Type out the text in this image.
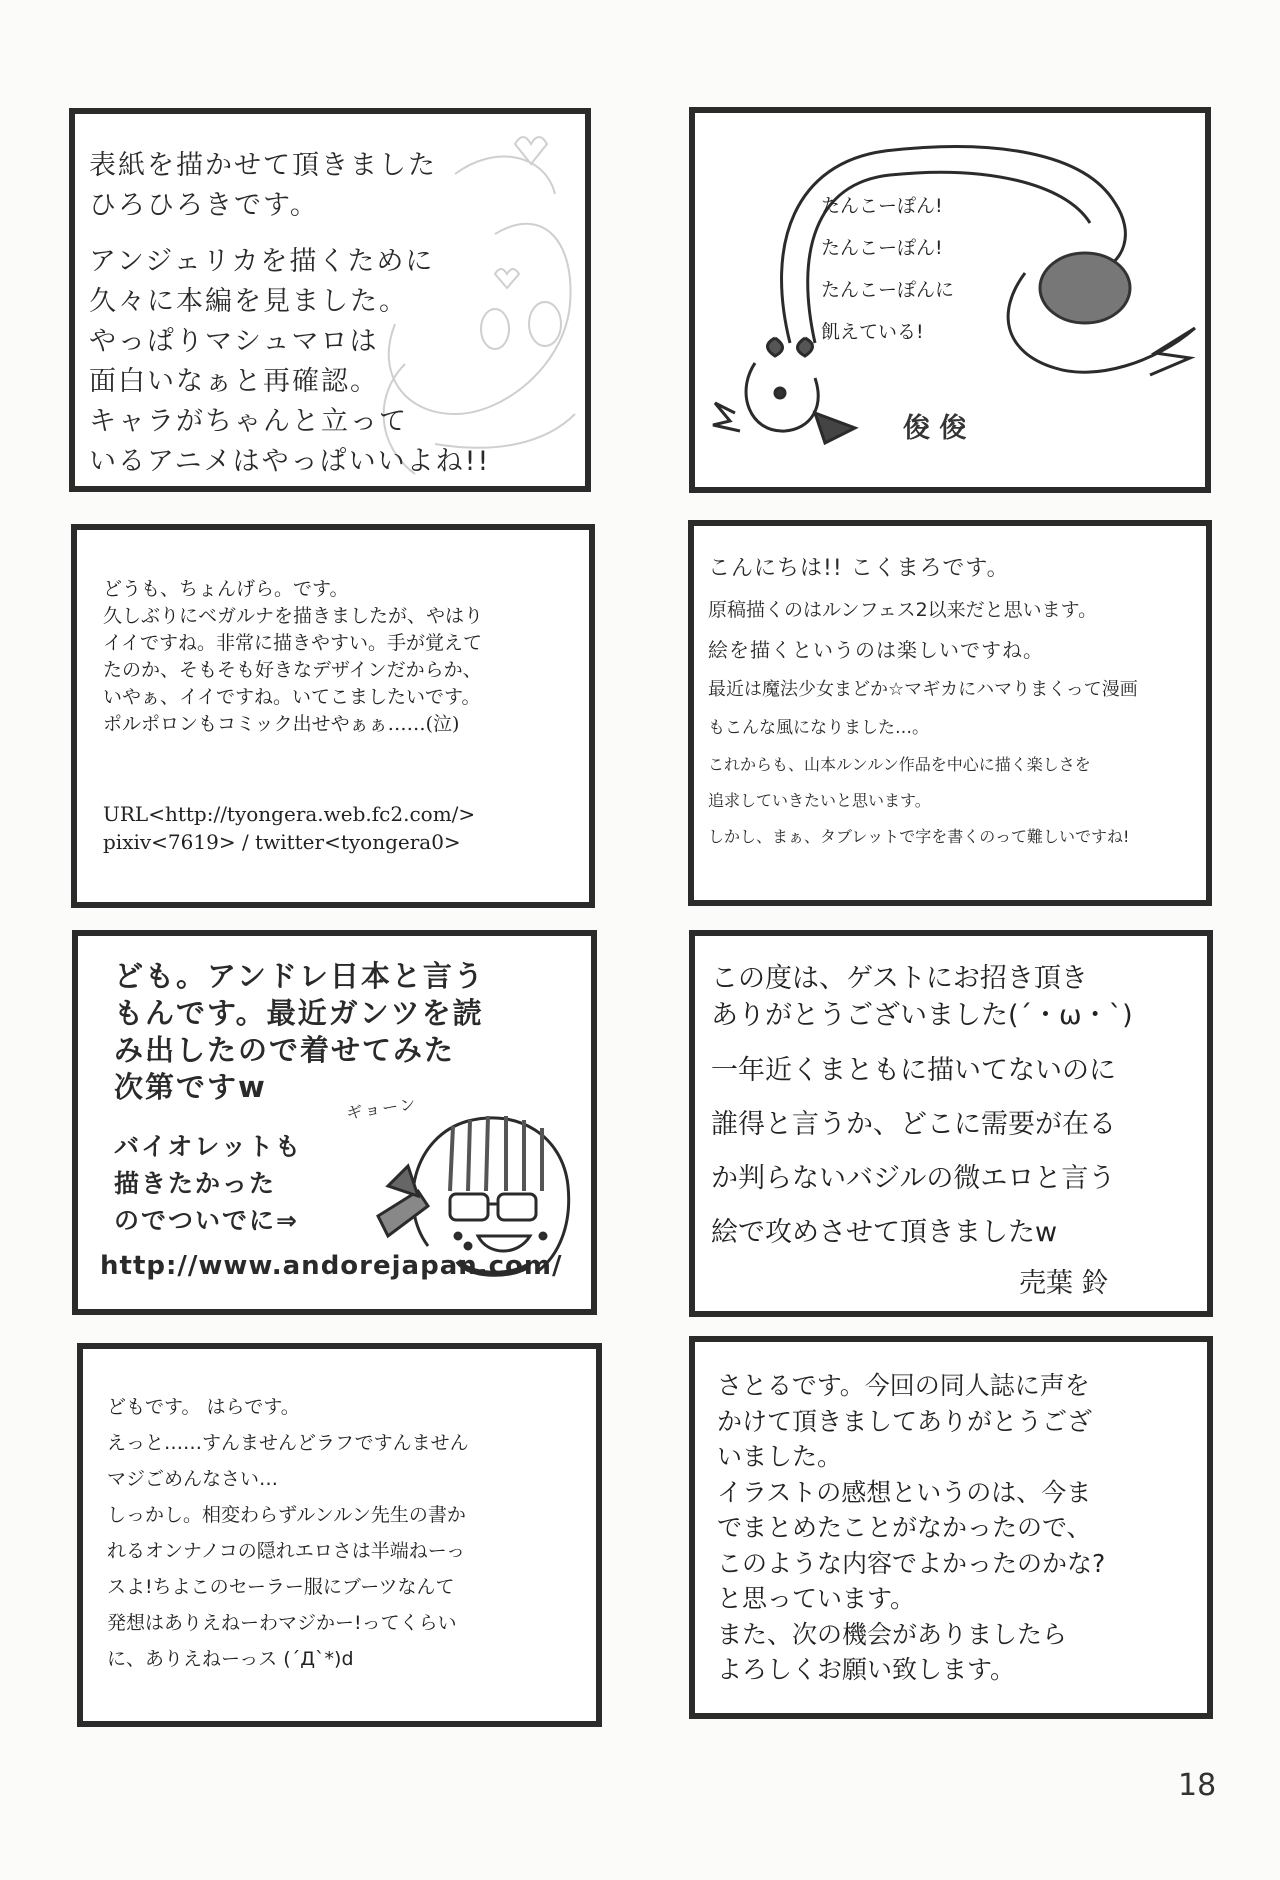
表紙を描かせて頂きました
ひろひろきです。
アンジェリカを描くために
久々に本編を見ました。
やっぱりマシュマロは
面白いなぁと再確認。
キャラがちゃんと立って
いるアニメはやっぱいいよね!!
たんこーぽん!
たんこーぽん!
たんこーぽんに
飢えている!
俊 俊
どうも、ちょんげら。です。
久しぶりにベガルナを描きましたが、やはり
イイですね。非常に描きやすい。手が覚えて
たのか、そもそも好きなデザインだからか、
いやぁ、イイですね。いてこましたいです。
ポルポロンもコミック出せやぁぁ……(泣)
URL<http://tyongera.web.fc2.com/>
pixiv<7619> / twitter<tyongera0>
こんにちは!! こくまろです。
原稿描くのはルンフェス2以来だと思います。
絵を描くというのは楽しいですね。
最近は魔法少女まどか☆マギカにハマりまくって漫画
もこんな風になりました…。
これからも、山本ルンルン作品を中心に描く楽しさを
追求していきたいと思います。
しかし、まぁ、タブレットで字を書くのって難しいですね!
ども。アンドレ日本と言う
もんです。最近ガンツを読
み出したので着せてみた
次第ですw
バイオレットも
描きたかった
のでついでに⇒
ギョーン
http://www.andorejapan.com/
この度は、ゲストにお招き頂き
ありがとうございました(´・ω・`)
一年近くまともに描いてないのに
誰得と言うか、どこに需要が在る
か判らないバジルの微エロと言う
絵で攻めさせて頂きましたw
売葉 鈴
どもです。 はらです。
えっと……すんませんどラフですんません
マジごめんなさい…
しっかし。相変わらずルンルン先生の書か
れるオンナノコの隠れエロさは半端ねーっ
スよ!ちよこのセーラー服にブーツなんて
発想はありえねーわマジかー!ってくらい
に、ありえねーっス (´Д`*)d
さとるです。今回の同人誌に声を
かけて頂きましてありがとうござ
いました。
イラストの感想というのは、今ま
でまとめたことがなかったので、
このような内容でよかったのかな?
と思っています。
また、次の機会がありましたら
よろしくお願い致します。
18
